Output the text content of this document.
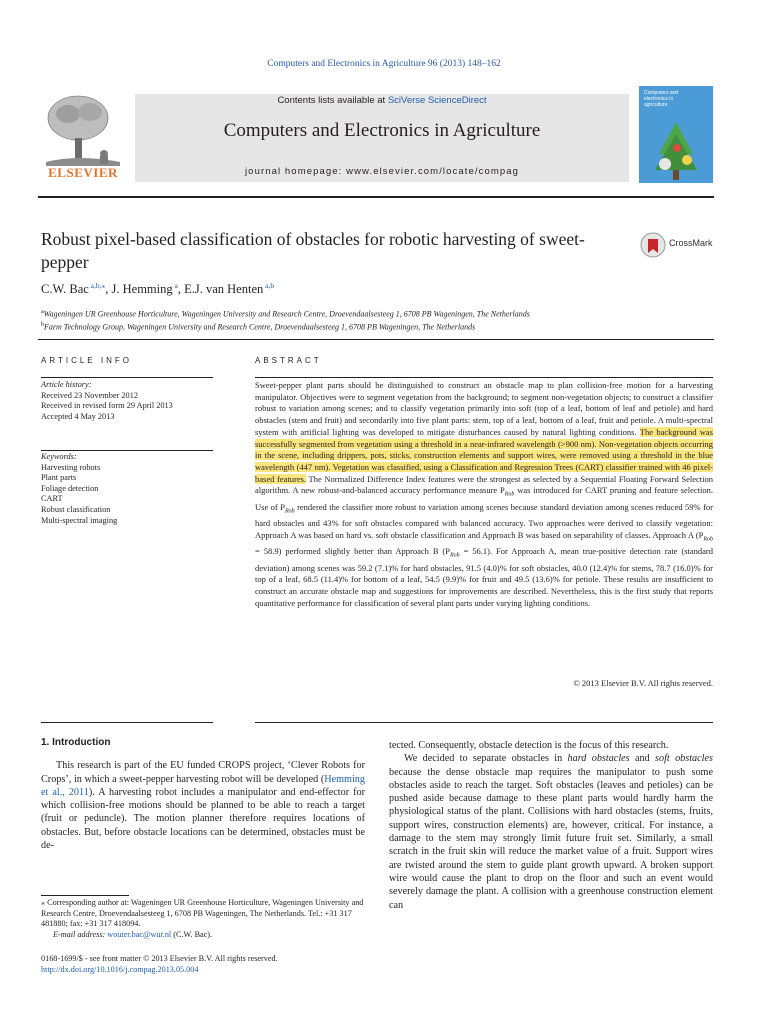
Computers and Electronics in Agriculture 96 (2013) 148–162
ELSEVIER
Contents lists available at SciVerse ScienceDirect
Computers and Electronics in Agriculture
journal homepage: www.elsevier.com/locate/compag
Computers and electronics in agriculture
Robust pixel-based classification of obstacles for robotic harvesting of sweet-pepper
CrossMark
C.W. Bac $^{a,b,⁎}$, J. Hemming $^a$, E.J. van Henten $^{a,b}$
$^a$Wageningen UR Greenhouse Horticulture, Wageningen University and Research Centre, Droevendaalsesteeg 1, 6708 PB Wageningen, The Netherlands
$^b$Farm Technology Group, Wageningen University and Research Centre, Droevendaalsesteeg 1, 6708 PB Wageningen, The Netherlands
ARTICLE INFO	ABSTRACT
Article history:
Received 23 November 2012
Received in revised form 29 April 2013
Accepted 4 May 2013
Keywords:
Harvesting robots
Plant parts
Foliage detection
CART
Robust classification
Multi-spectral imaging

Sweet-pepper plant parts should be distinguished to construct an obstacle map to plan collision-free motion for a harvesting manipulator. Objectives were to segment vegetation from the background; to segment non-vegetation objects; to construct a classifier robust to variation among scenes; and to classify vegetation primarily into soft (top of a leaf, bottom of leaf and petiole) and hard obstacles (stem and fruit) and secondarily into five plant parts: stem, top of a leaf, bottom of a leaf, fruit and petiole. A multi-spectral system with artificial lighting was developed to mitigate disturbances caused by natural lighting conditions. The background was successfully segmented from vegetation using a threshold in a near-infrared wavelength (>900 nm). Non-vegetation objects occurring in the scene, including drippers, pots, sticks, construction elements and support wires, were removed using a threshold in the blue wavelength (447 nm). Vegetation was classified, using a Classification and Regression Trees (CART) classifier trained with 46 pixel-based features. The Normalized Difference Index features were the strongest as selected by a Sequential Floating Forward Selection algorithm. A new robust-and-balanced accuracy performance measure $P_{Rob}$ was introduced for CART pruning and feature selection. Use of $P_{Rob}$ rendered the classifier more robust to variation among scenes because standard deviation among scenes reduced 59% for hard obstacles and 43% for soft obstacles compared with balanced accuracy. Two approaches were derived to classify vegetation: Approach A was based on hard vs. soft obstacle classification and Approach B was based on separability of classes. Approach A $(P_{Rob} = 58.9)$ performed slightly better than Approach B $(P_{Rob} = 56.1)$. For Approach A, mean true-positive detection rate (standard deviation) among scenes was 59.2 (7.1)% for hard obstacles, 91.5 (4.0)% for soft obstacles, 40.0 (12.4)% for stems, 78.7 (16.0)% for top of a leaf, 68.5 (11.4)% for bottom of a leaf, 54.5 (9.9)% for fruit and 49.5 (13.6)% for petiole. These results are insufficient to construct an accurate obstacle map and suggestions for improvements are described. Nevertheless, this is the first study that reports quantitative performance for classification of several plant parts under varying lighting conditions.

© 2013 Elsevier B.V. All rights reserved.

1. Introduction

This research is part of the EU funded CROPS project, ‘Clever Robots for Crops’, in which a sweet-pepper harvesting robot will be developed (Hemming et al., 2011). A harvesting robot includes a manipulator and end-effector for which collision-free motions should be planned to be able to reach a target (fruit or peduncle). The motion planner therefore requires locations of obstacles. But, before obstacle locations can be determined, obstacles must be de-

tected. Consequently, obstacle detection is the focus of this research.

We decided to separate obstacles in hard obstacles and soft obstacles because the dense obstacle map requires the manipulator to push some obstacles aside to reach the target. Soft obstacles (leaves and petioles) can be pushed aside because damage to these plant parts would hardly harm the physiological status of the plant. Collisions with hard obstacles (stems, fruits, support wires, construction elements) are, however, critical. For instance, a damage to the stem may strongly limit future fruit set. Similarly, a small scratch in the fruit skin will reduce the market value of a fruit. Support wires are twisted around the stem to guide plant growth upward. A broken support wire would cause the plant to drop on the floor and such an event would severely damage the plant. A collision with a greenhouse construction element can

⁎ Corresponding author at: Wageningen UR Greenhouse Horticulture, Wageningen University and Research Centre, Droevendaalsesteeg 1, 6708 PB Wageningen, The Netherlands. Tel.: +31 317 481880; fax: +31 317 418094.

E-mail address: wouter.bac@wur.nl (C.W. Bac).

0168-1699/$ - see front matter © 2013 Elsevier B.V. All rights reserved.
http://dx.doi.org/10.1016/j.compag.2013.05.004
